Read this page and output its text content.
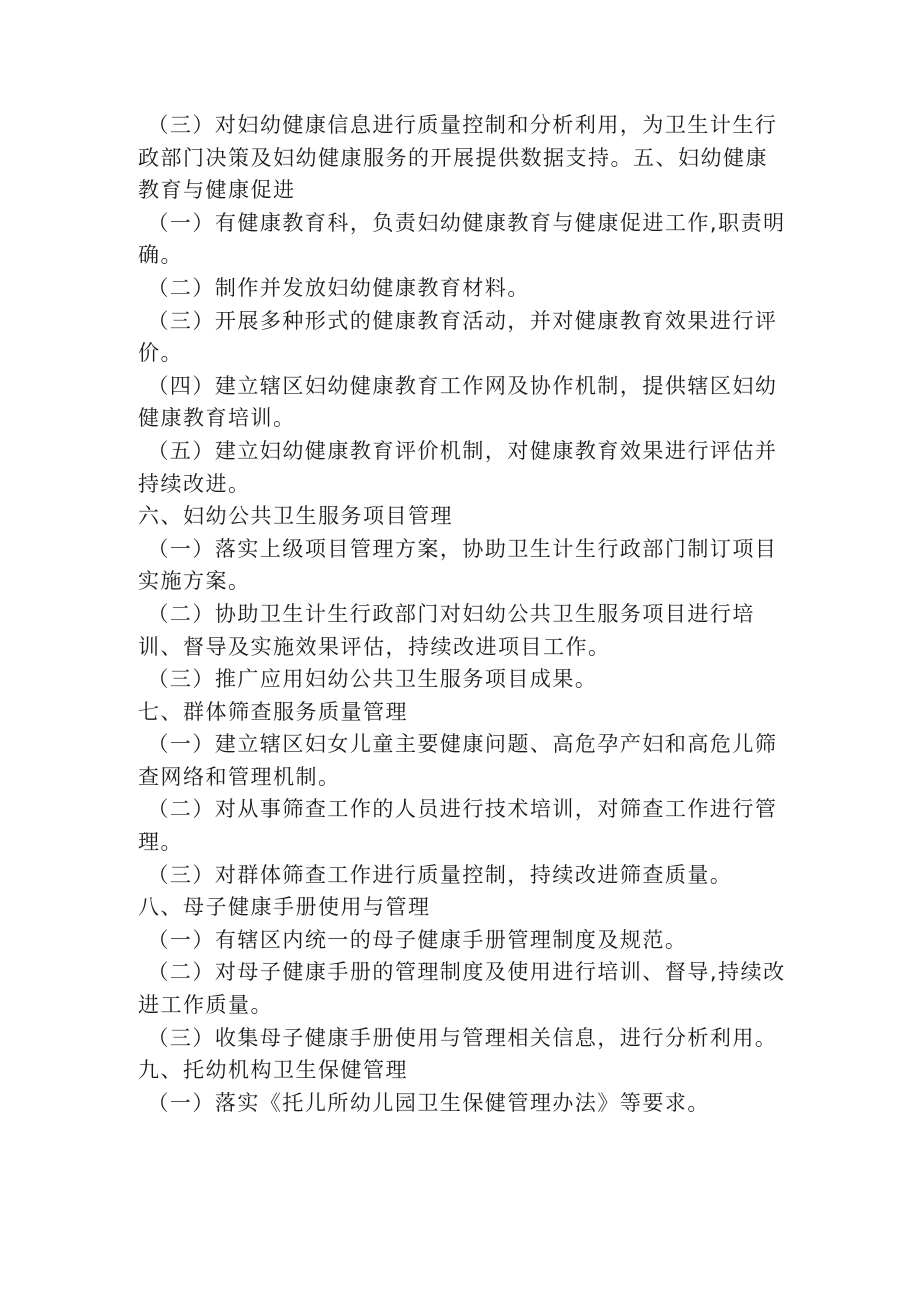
（三）对妇幼健康信息进行质量控制和分析利用，为卫生计生行政部门决策及妇幼健康服务的开展提供数据支持。五、妇幼健康教育与健康促进

（一）有健康教育科，负责妇幼健康教育与健康促进工作,职责明确。

（二）制作并发放妇幼健康教育材料。

（三）开展多种形式的健康教育活动，并对健康教育效果进行评价。

（四）建立辖区妇幼健康教育工作网及协作机制，提供辖区妇幼健康教育培训。

（五）建立妇幼健康教育评价机制，对健康教育效果进行评估并持续改进。

六、妇幼公共卫生服务项目管理

（一）落实上级项目管理方案，协助卫生计生行政部门制订项目实施方案。

（二）协助卫生计生行政部门对妇幼公共卫生服务项目进行培训、督导及实施效果评估，持续改进项目工作。

（三）推广应用妇幼公共卫生服务项目成果。

七、群体筛查服务质量管理

（一）建立辖区妇女儿童主要健康问题、高危孕产妇和高危儿筛查网络和管理机制。

（二）对从事筛查工作的人员进行技术培训，对筛查工作进行管理。

（三）对群体筛查工作进行质量控制，持续改进筛查质量。

八、母子健康手册使用与管理

（一）有辖区内统一的母子健康手册管理制度及规范。

（二）对母子健康手册的管理制度及使用进行培训、督导,持续改进工作质量。

（三）收集母子健康手册使用与管理相关信息，进行分析利用。

九、托幼机构卫生保健管理

（一）落实《托儿所幼儿园卫生保健管理办法》等要求。
